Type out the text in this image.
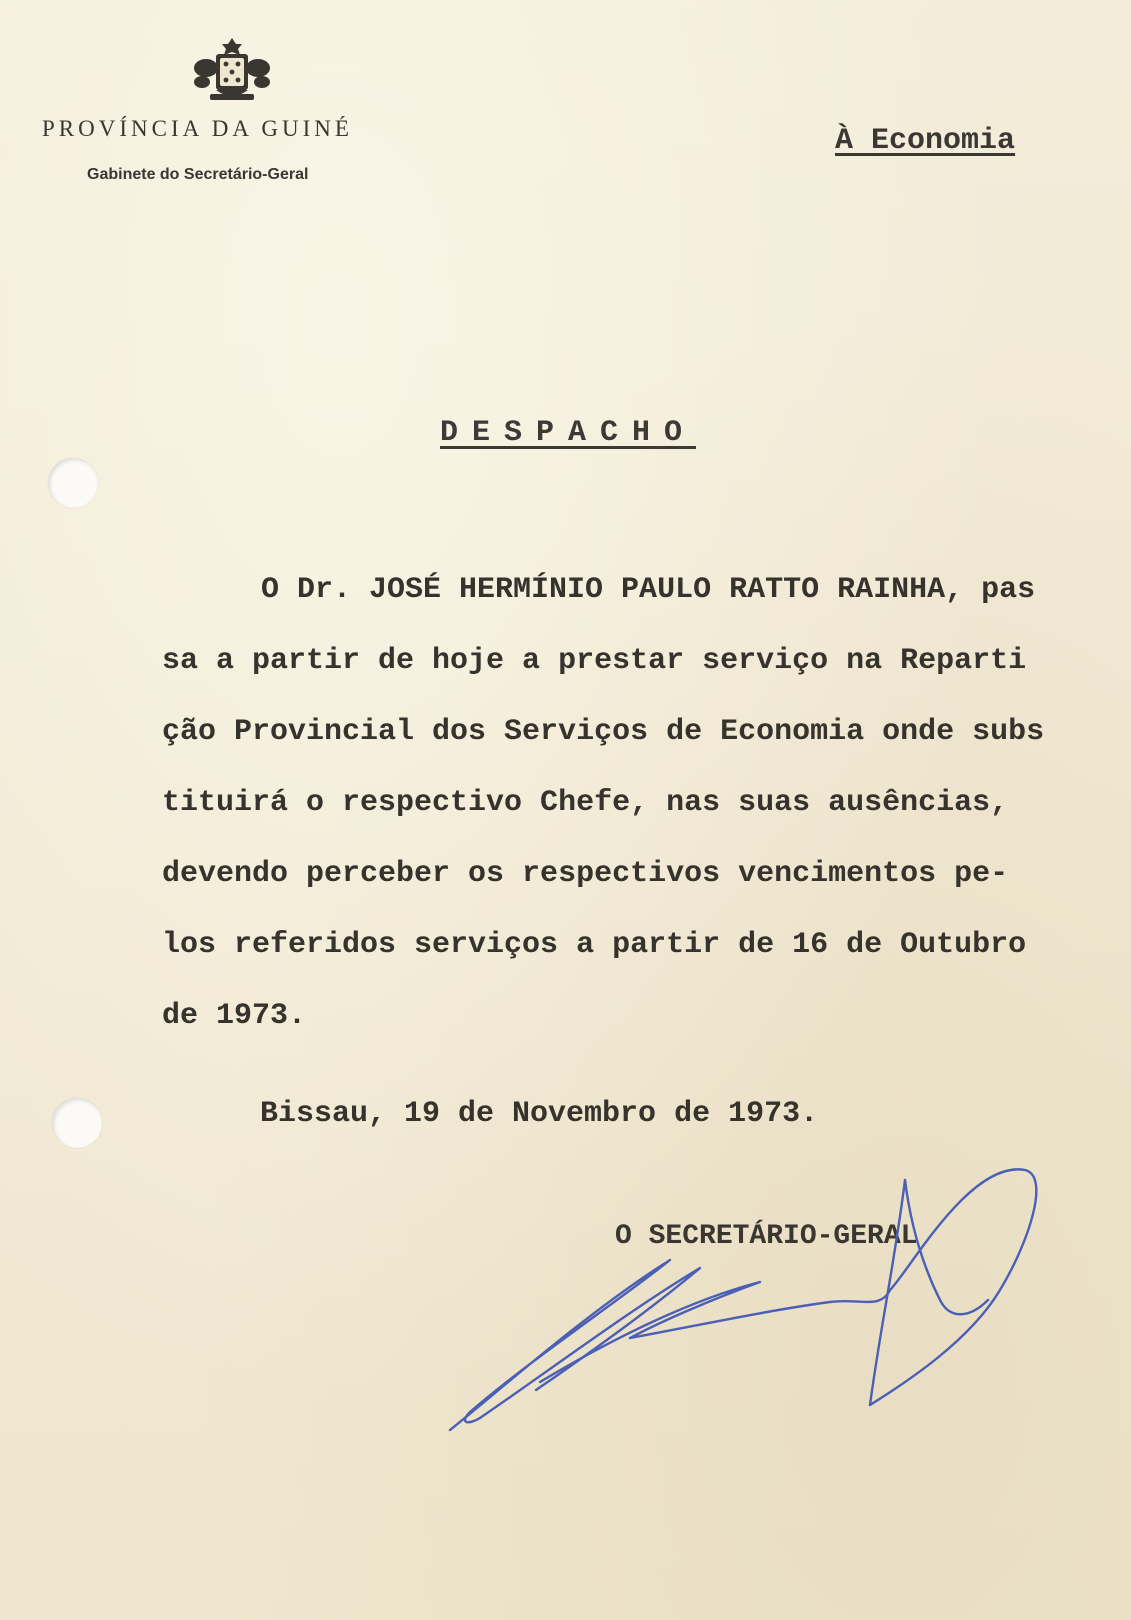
PROVÍNCIA DA GUINÉ
Gabinete do Secretário-Geral
À Economia
DESPACHO
O Dr. JOSÉ HERMÍNIO PAULO RATTO RAINHA, pas
sa a partir de hoje a prestar serviço na Reparti
ção Provincial dos Serviços de Economia onde subs
tituirá o respectivo Chefe, nas suas ausências,
devendo perceber os respectivos vencimentos pe-
los referidos serviços a partir de 16 de Outubro
de 1973.
Bissau, 19 de Novembro de 1973.
O SECRETÁRIO-GERAL
